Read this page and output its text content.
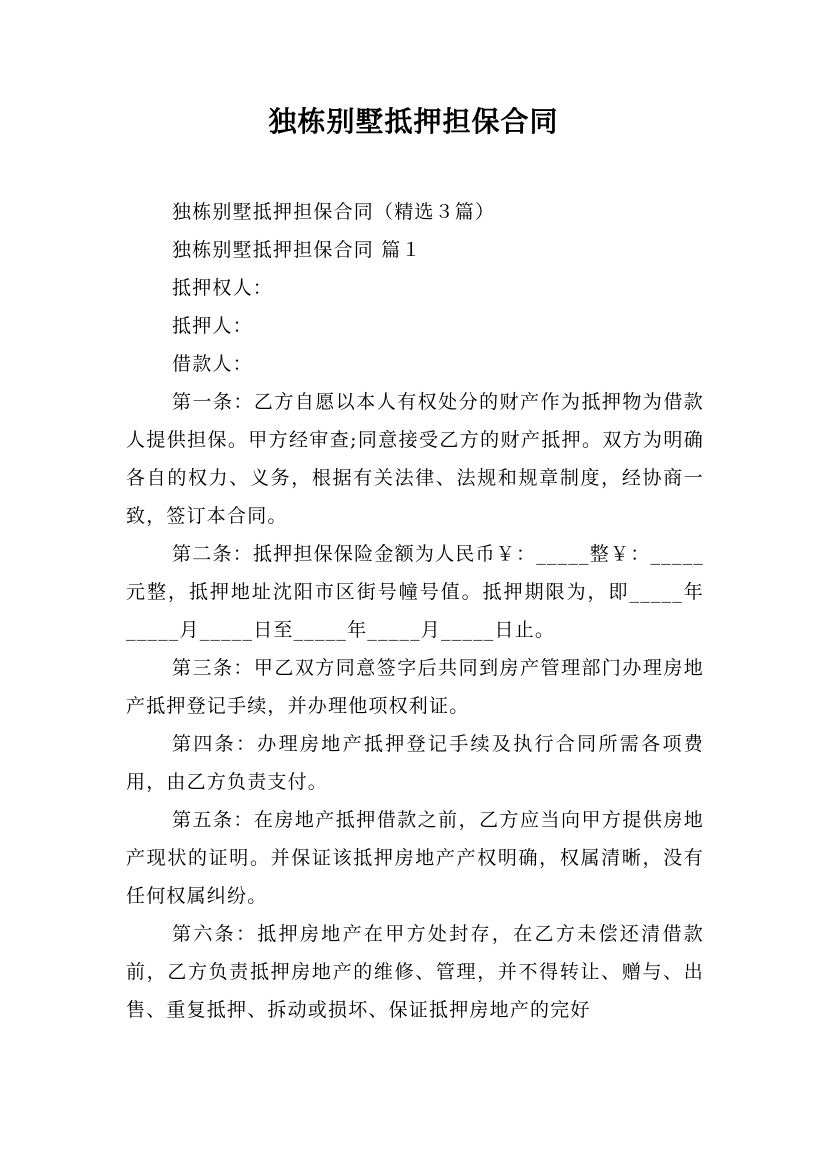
独栋别墅抵押担保合同

独栋别墅抵押担保合同（精选３篇）

独栋别墅抵押担保合同 篇１

抵押权人：

抵押人：

借款人：

第一条：乙方自愿以本人有权处分的财产作为抵押物为借款人提供担保。甲方经审查;同意接受乙方的财产抵押。双方为明确各自的权力、义务，根据有关法律、法规和规章制度，经协商一致，签订本合同。

第二条：抵押担保保险金额为人民币￥：_____整￥：_____元整，抵押地址沈阳市区街号幢号值。抵押期限为，即_____年_____月_____日至_____年_____月_____日止。

第三条：甲乙双方同意签字后共同到房产管理部门办理房地产抵押登记手续，并办理他项权利证。

第四条：办理房地产抵押登记手续及执行合同所需各项费用，由乙方负责支付。

第五条：在房地产抵押借款之前，乙方应当向甲方提供房地产现状的证明。并保证该抵押房地产产权明确，权属清晰，没有任何权属纠纷。

第六条：抵押房地产在甲方处封存，在乙方未偿还清借款前，乙方负责抵押房地产的维修、管理，并不得转让、赠与、出售、重复抵押、拆动或损坏、保证抵押房地产的完好
